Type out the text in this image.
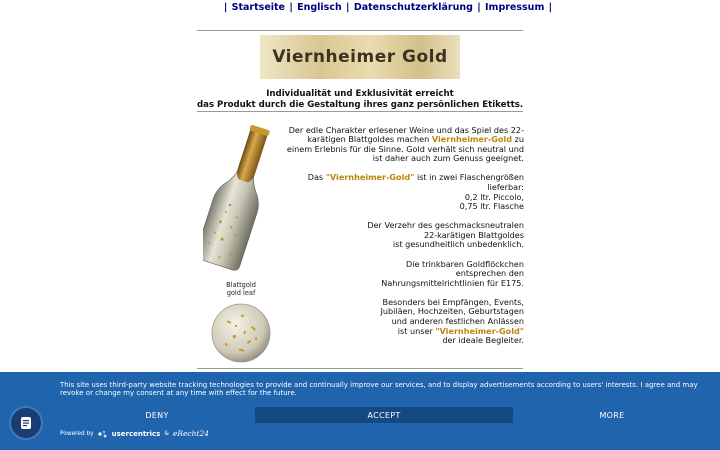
| Startseite | Englisch | Datenschutzerklärung | Impressum |
Viernheimer Gold
Individualität und Exklusivität erreicht
das Produkt durch die Gestaltung ihres ganz persönlichen Etiketts.
Blattgold
gold leaf

Der edle Charakter erlesener Weine und das Spiel des 22-
karätigen Blattgoldes machen Viernheimer-Gold zu
einem Erlebnis für die Sinne. Gold verhält sich neutral und
ist daher auch zum Genuss geeignet.

Das "Viernheimer-Gold" ist in zwei Flaschengrößen
lieferbar:
0,2 ltr. Piccolo,
0,75 ltr. Flasche

Der Verzehr des geschmacksneutralen
22-karätigen Blattgoldes
ist gesundheitlich unbedenklich.

Die trinkbaren Goldflöckchen
entsprechen den
Nahrungsmittelrichtlinien für E175.

Besonders bei Empfängen, Events,
Jubiläen, Hochzeiten, Geburtstagen
und anderen festlichen Anlässen
ist unser "Viernheimer-Gold"
der ideale Begleiter.

This site uses third-party website tracking technologies to provide and continually improve our services, and to display advertisements according to users' interests. I agree and may revoke or change my consent at any time with effect for the future.
DENY	ACCEPT	MORE
Powered by	usercentrics & eRecht24
